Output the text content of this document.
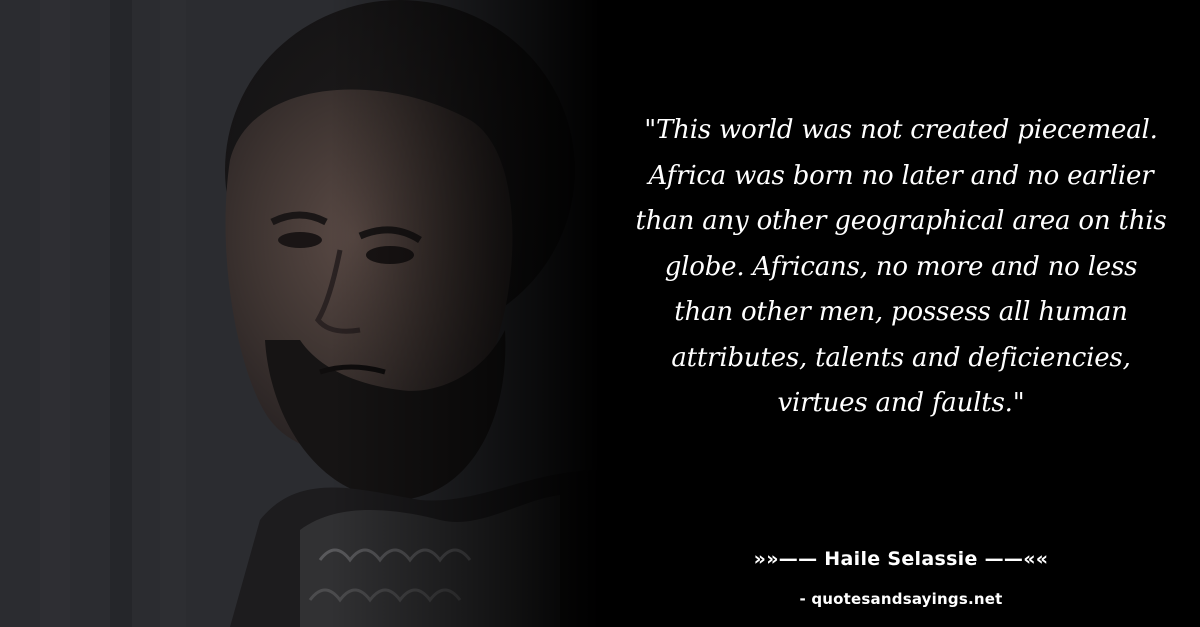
"This world was not created piecemeal.
Africa was born no later and no earlier
than any other geographical area on this
globe. Africans, no more and no less
than other men, possess all human
attributes, talents and deficiencies,
virtues and faults."
»»—— Haile Selassie ——««
- quotesandsayings.net
